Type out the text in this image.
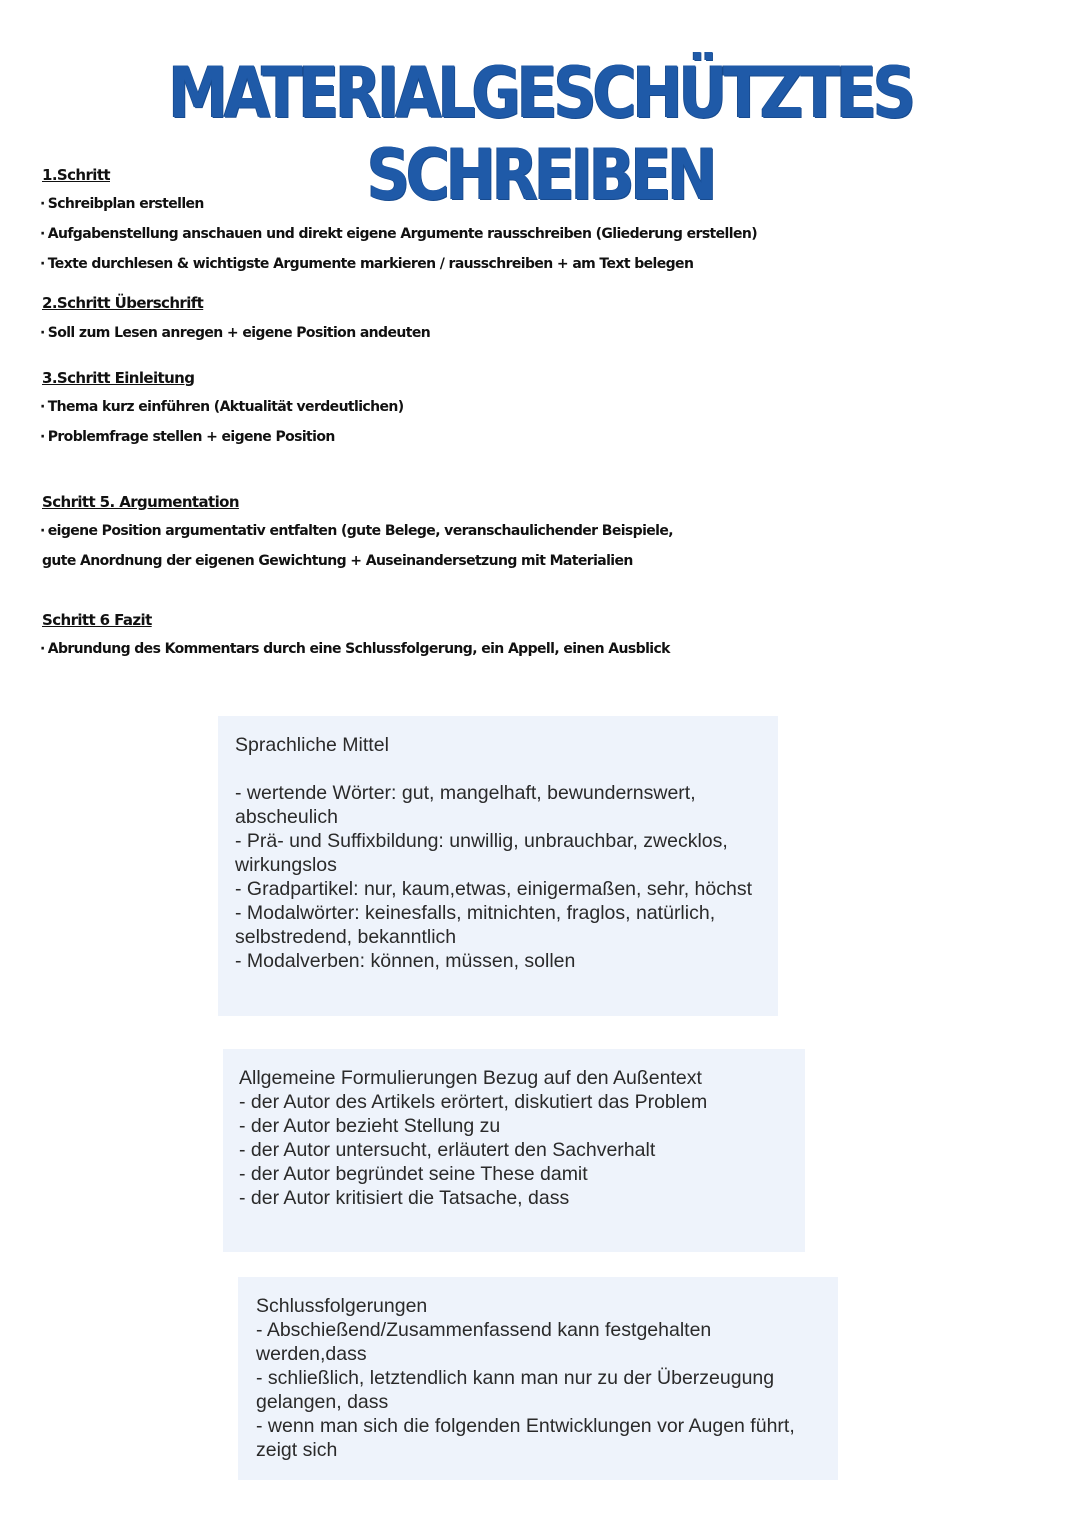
MATERIALGESCHÜTZTES SCHREIBEN
1.Schritt
· Schreibplan erstellen
· Aufgabenstellung anschauen und direkt eigene Argumente rausschreiben (Gliederung erstellen)
· Texte durchlesen & wichtigste Argumente markieren / rausschreiben + am Text belegen
2.Schritt Überschrift
· Soll zum Lesen anregen + eigene Position andeuten
3.Schritt Einleitung
· Thema kurz einführen (Aktualität verdeutlichen)
· Problemfrage stellen + eigene Position
Schritt 5. Argumentation
· eigene Position argumentativ entfalten (gute Belege, veranschaulichender Beispiele,
gute Anordnung der eigenen Gewichtung + Auseinandersetzung mit Materialien
Schritt 6 Fazit
· Abrundung des Kommentars durch eine Schlussfolgerung, ein Appell, einen Ausblick
Sprachliche Mittel
- wertende Wörter: gut, mangelhaft, bewundernswert, abscheulich
- Prä- und Suffixbildung: unwillig, unbrauchbar, zwecklos, wirkungslos
- Gradpartikel: nur, kaum,etwas, einigermaßen, sehr, höchst
- Modalwörter: keinesfalls, mitnichten, fraglos, natürlich, selbstredend, bekanntlich
- Modalverben: können, müssen, sollen
Allgemeine Formulierungen Bezug auf den Außentext
- der Autor des Artikels erörtert, diskutiert das Problem
- der Autor bezieht Stellung zu
- der Autor untersucht, erläutert den Sachverhalt
- der Autor begründet seine These damit
- der Autor kritisiert die Tatsache, dass
Schlussfolgerungen
- Abschießend/Zusammenfassend kann festgehalten werden,dass
- schließlich, letztendlich kann man nur zu der Überzeugung gelangen, dass
- wenn man sich die folgenden Entwicklungen vor Augen führt, zeigt sich
